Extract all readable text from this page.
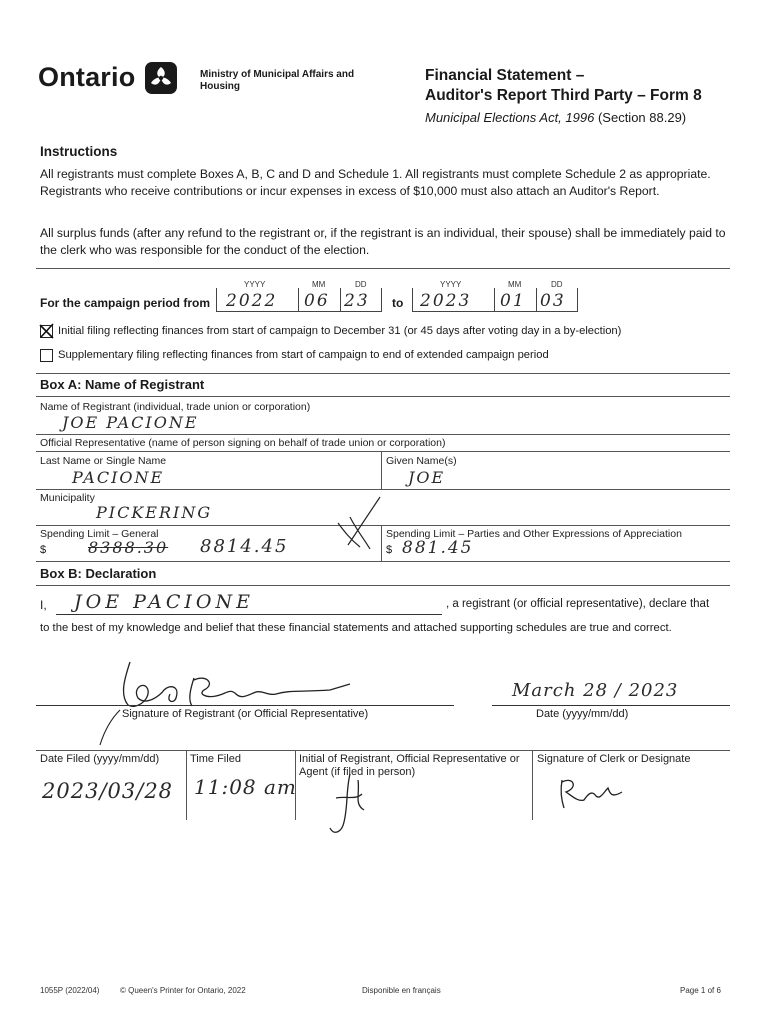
Ontario	Ministry of Municipal Affairs and Housing
Financial Statement –
Auditor's Report Third Party – Form 8
Municipal Elections Act, 1996 (Section 88.29)
Instructions
All registrants must complete Boxes A, B, C and D and Schedule 1. All registrants must complete Schedule 2 as appropriate. Registrants who receive contributions or incur expenses in excess of $10,000 must also attach an Auditor's Report.
All surplus funds (after any refund to the registrant or, if the registrant is an individual, their spouse) shall be immediately paid to the clerk who was responsible for the conduct of the election.
For the campaign period from
YYYY	MM	DD	YYYY	MM	DD
2022 06 23 to 2023 01 03
Initial filing reflecting finances from start of campaign to December 31 (or 45 days after voting day in a by-election)
Supplementary filing reflecting finances from start of campaign to end of extended campaign period
Box A: Name of Registrant
Name of Registrant (individual, trade union or corporation)
JOE PACIONE
Official Representative (name of person signing on behalf of trade union or corporation)
Last Name or Single Name	Given Name(s)
PACIONE	JOE
Municipality
PICKERING
Spending Limit – General	Spending Limit – Parties and Other Expressions of Appreciation
$	8388.30 8814.45	$ 881.45
Box B: Declaration
I, JOE PACIONE	, a registrant (or official representative), declare that
to the best of my knowledge and belief that these financial statements and attached supporting schedules are true and correct.
Signature of Registrant (or Official Representative)	Date (yyyy/mm/dd)
March 28 / 2023
Date Filed (yyyy/mm/dd)	Time Filed	Initial of Registrant, Official Representative or Agent (if filed in person)
Signature of Clerk or Designate
2023/03/28 11:08 am
1055P (2022/04)	© Queen's Printer for Ontario, 2022	Disponible en français	Page 1 of 6
